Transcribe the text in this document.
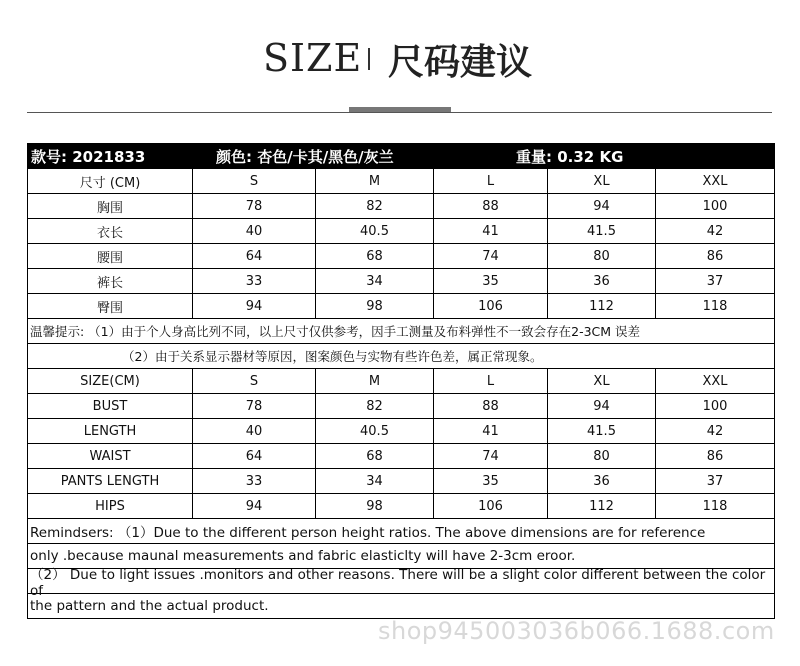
SIZE 尺码建议
款号: 2021833	颜色: 杏色/卡其/黑色/灰兰	重量: 0.32 KG
尺寸 (CM)	S	M	L	XL	XXL
胸围	78	82	88	94	100
衣长	40	40.5	41	41.5	42
腰围	64	68	74	80	86
裤长	33	34	35	36	37
臀围	94	98	106	112	118
温馨提示: （1）由于个人身高比列不同，以上尺寸仅供参考，因手工测量及布料弹性不一致会存在2-3CM 误差
（2）由于关系显示器材等原因，图案颜色与实物有些许色差，属正常现象。
SIZE(CM)	S	M	L	XL	XXL
BUST	78	82	88	94	100
LENGTH	40	40.5	41	41.5	42
WAIST	64	68	74	80	86
PANTS LENGTH	33	34	35	36	37
HIPS	94	98	106	112	118
Remindsers: （1）Due to the different person height ratios. The above dimensions are for reference
only .because maunal measurements and fabric elasticlty will have 2-3cm eroor.
（2） Due to light issues .monitors and other reasons. There will be a slight color different between the color of
the pattern and the actual product.
shop945003036b066.1688.com
